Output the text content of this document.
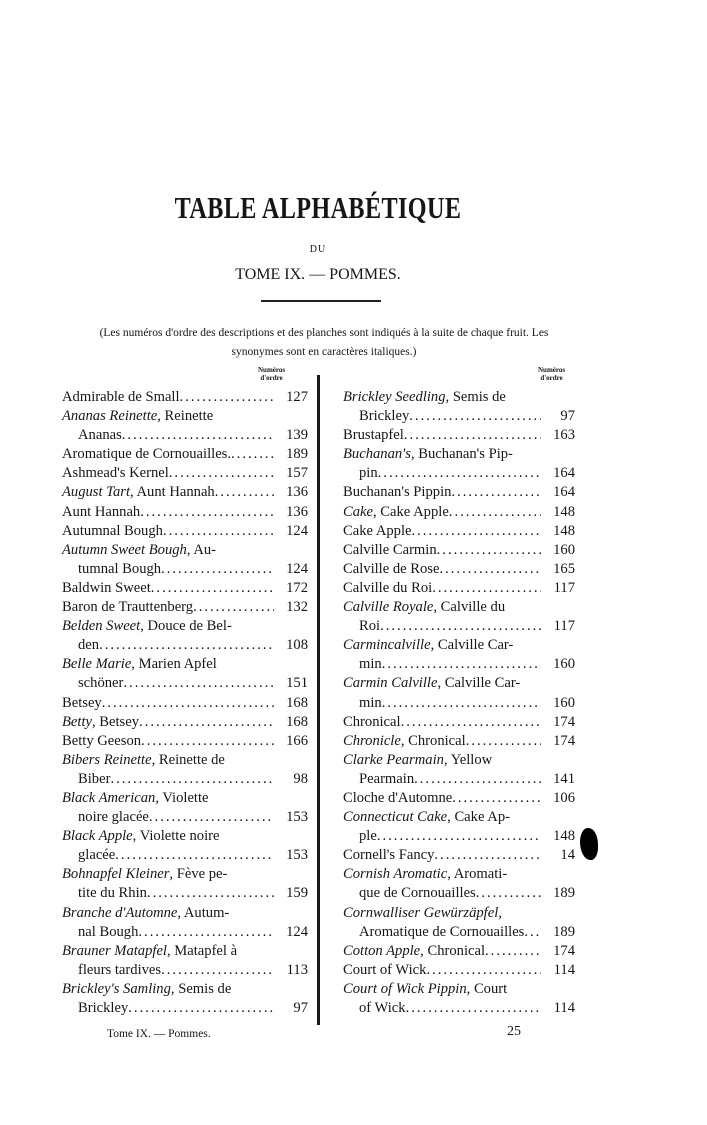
TABLE ALPHABÉTIQUE
DU
TOME IX. — POMMES.
(Les numéros d'ordre des descriptions et des planches sont indiqués à la suite de chaque fruit. Les synonymes sont en caractères italiques.)
Numéros
d'ordre
Numéros
d'ordre
Admirable de Small .....	127
Ananas Reinette, Reinette
Ananas .....	139
Aromatique de Cornouailles. .....	189
Ashmead's Kernel .....	157
August Tart, Aunt Hannah .....	136
Aunt Hannah .....	136
Autumnal Bough .....	124
Autumn Sweet Bough, Au-
tumnal Bough .....	124
Baldwin Sweet .....	172
Baron de Trauttenberg .....	132
Belden Sweet, Douce de Bel-
den .....	108
Belle Marie, Marien Apfel
schöner .....	151
Betsey .....	168
Betty, Betsey .....	168
Betty Geeson .....	166
Bibers Reinette, Reinette de
Biber .....	98
Black American, Violette
noire glacée .....	153
Black Apple, Violette noire
glacée .....	153
Bohnapfel Kleiner, Fève pe-
tite du Rhin .....	159
Branche d'Automne, Autum-
nal Bough .....	124
Brauner Matapfel, Matapfel à
fleurs tardives .....	113
Brickley's Samling, Semis de
Brickley .....	97
Brickley Seedling, Semis de
Brickley .....	97
Brustapfel .....	163
Buchanan's, Buchanan's Pip-
pin .....	164
Buchanan's Pippin .....	164
Cake, Cake Apple .....	148
Cake Apple .....	148
Calville Carmin .....	160
Calville de Rose .....	165
Calville du Roi .....	117
Calville Royale, Calville du
Roi .....	117
Carmincalville, Calville Car-
min .....	160
Carmin Calville, Calville Car-
min .....	160
Chronical .....	174
Chronicle, Chronical .....	174
Clarke Pearmain, Yellow
Pearmain .....	141
Cloche d'Automne .....	106
Connecticut Cake, Cake Ap-
ple .....	148
Cornell's Fancy .....	14
Cornish Aromatic, Aromati-
que de Cornouailles .....	189
Cornwalliser Gewürzäpfel,
Aromatique de Cornouailles .....	189
Cotton Apple, Chronical .....	174
Court of Wick .....	114
Court of Wick Pippin, Court
of Wick .....	114
Tome IX. — Pommes.	25
